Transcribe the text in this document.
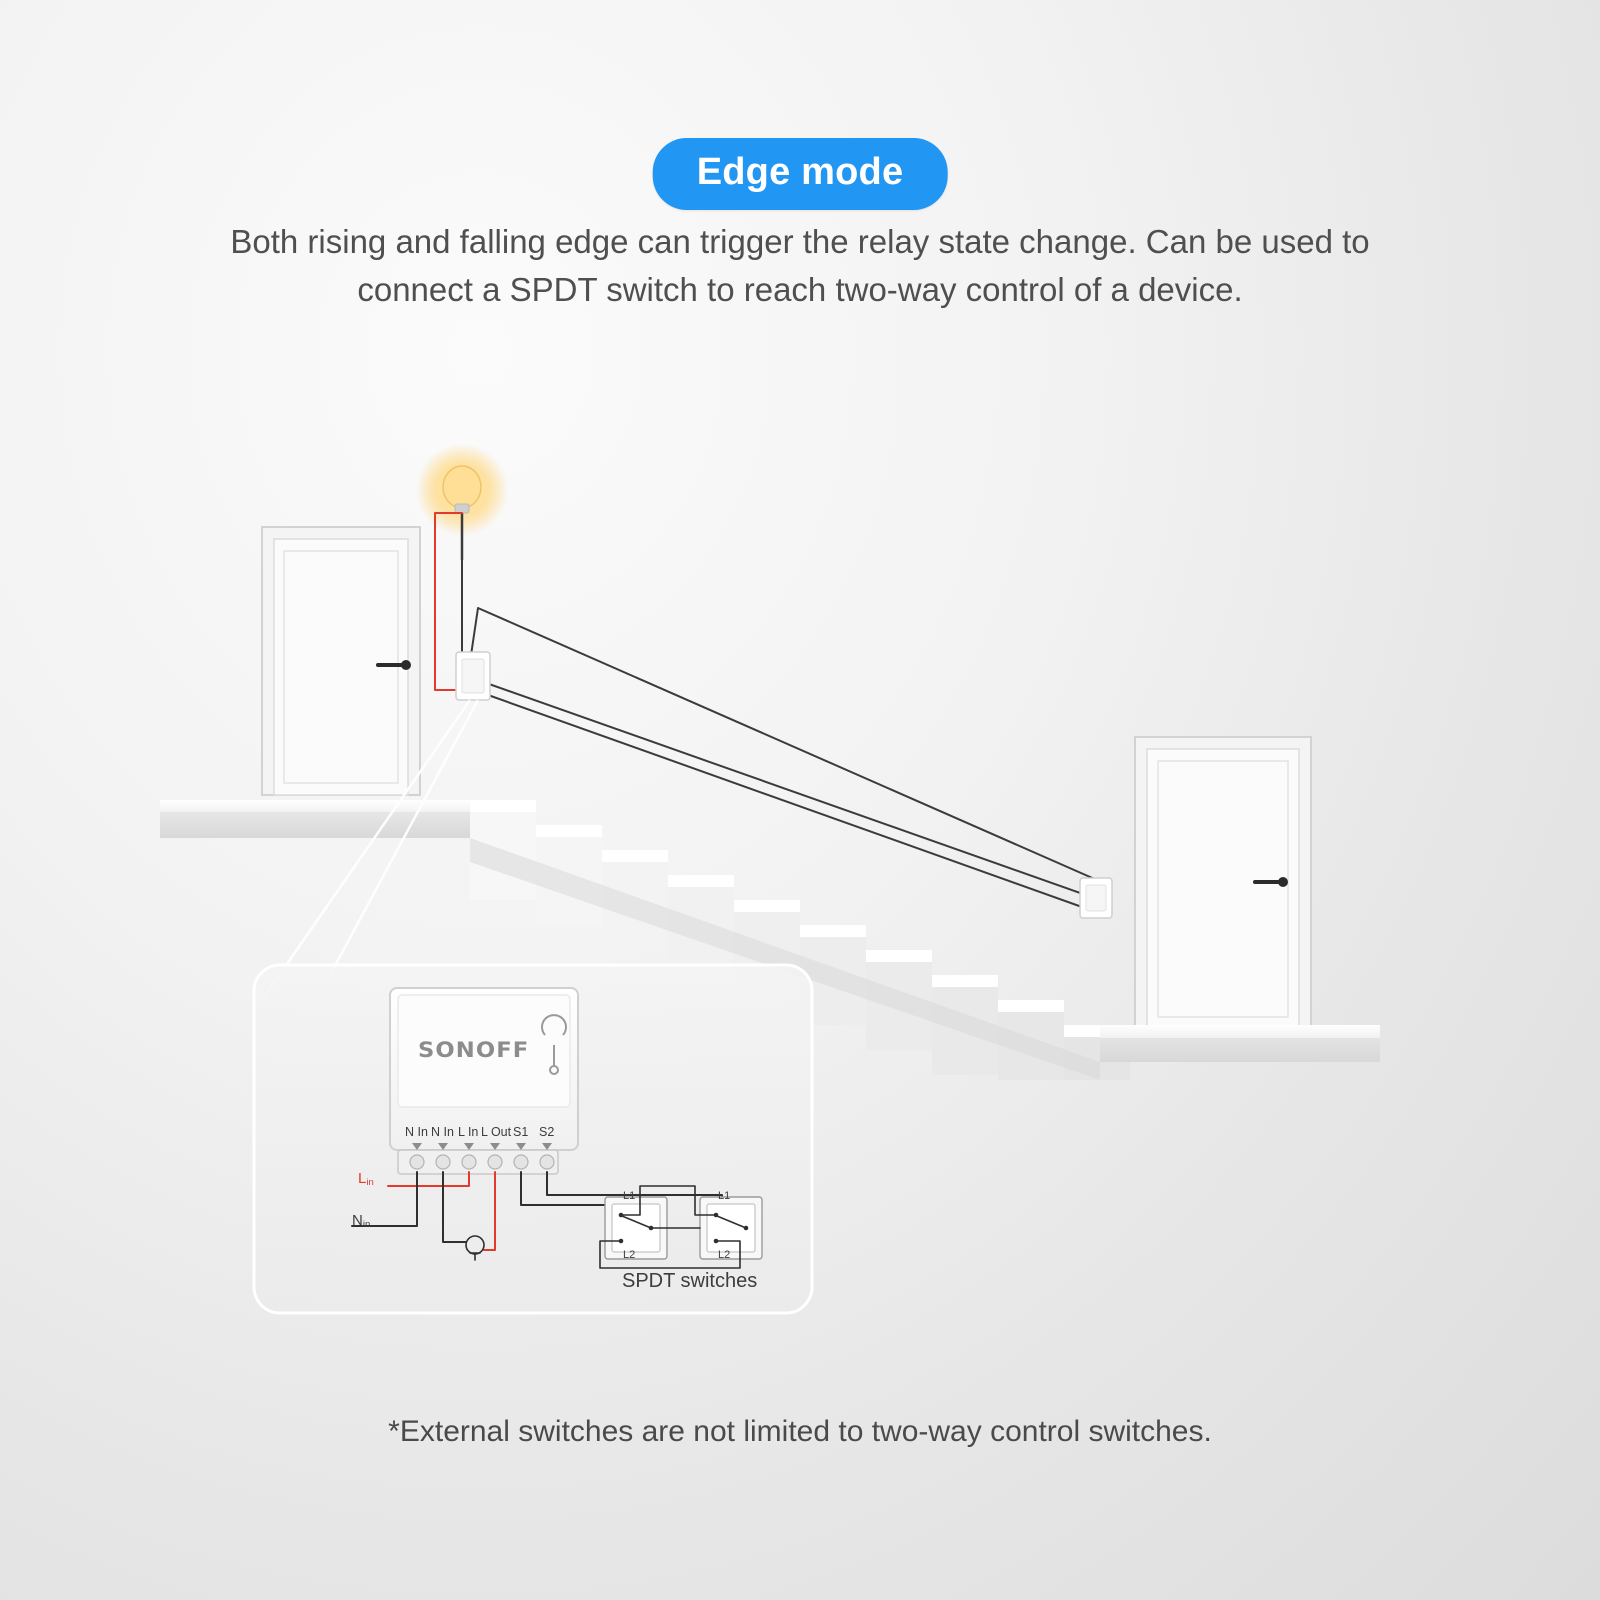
Edge mode
Both rising and falling edge can trigger the relay state change. Can be used to connect a SPDT switch to reach two-way control of a device.
SONOFF
N In N In L In L Out S1 S2
$L_{in}$
$N_{in}$
L1
L2
L1
L2
SPDT switches
*External switches are not limited to two-way control switches.
